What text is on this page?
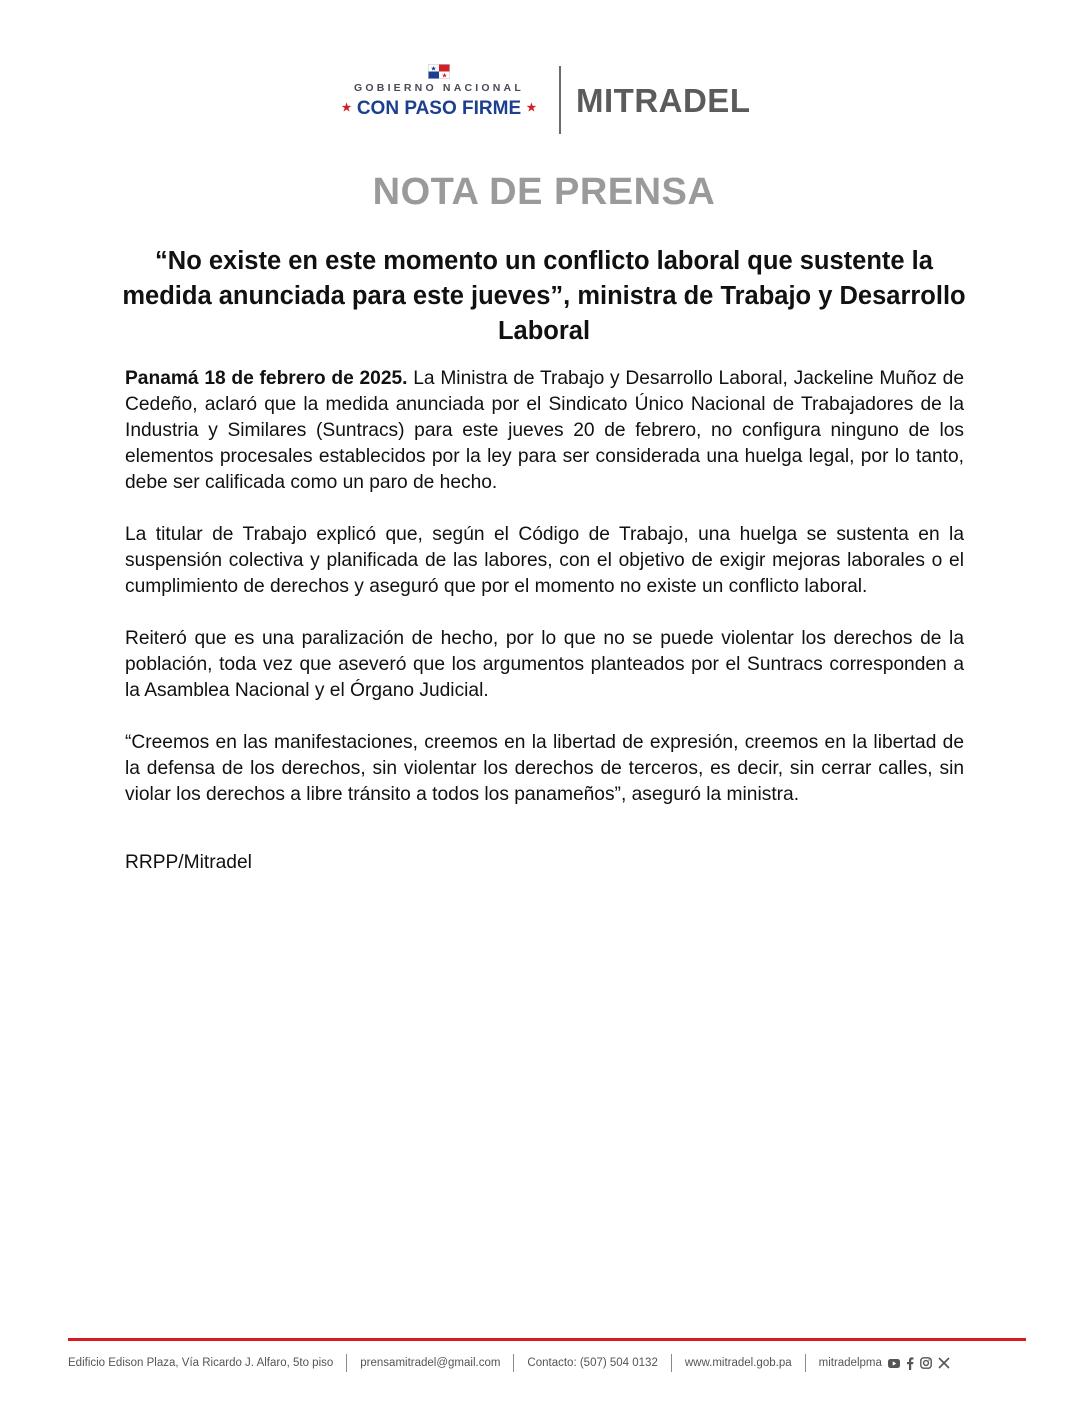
GOBIERNO NACIONAL
★ CON PASO FIRME ★	MITRADEL
NOTA DE PRENSA
“No existe en este momento un conflicto laboral que sustente la medida anunciada para este jueves”, ministra de Trabajo y Desarrollo Laboral

Panamá 18 de febrero de 2025. La Ministra de Trabajo y Desarrollo Laboral, Jackeline Muñoz de Cedeño, aclaró que la medida anunciada por el Sindicato Único Nacional de Trabajadores de la Industria y Similares (Suntracs) para este jueves 20 de febrero, no configura ninguno de los elementos procesales establecidos por la ley para ser considerada una huelga legal, por lo tanto, debe ser calificada como un paro de hecho.

La titular de Trabajo explicó que, según el Código de Trabajo, una huelga se sustenta en la suspensión colectiva y planificada de las labores, con el objetivo de exigir mejoras laborales o el cumplimiento de derechos y aseguró que por el momento no existe un conflicto laboral.

Reiteró que es una paralización de hecho, por lo que no se puede violentar los derechos de la población, toda vez que aseveró que los argumentos planteados por el Suntracs corresponden a la Asamblea Nacional y el Órgano Judicial.

“Creemos en las manifestaciones, creemos en la libertad de expresión, creemos en la libertad de la defensa de los derechos, sin violentar los derechos de terceros, es decir, sin cerrar calles, sin violar los derechos a libre tránsito a todos los panameños”, aseguró la ministra.

RRPP/Mitradel

Edificio Edison Plaza, Vía Ricardo J. Alfaro, 5to piso prensamitradel@gmail.com Contacto: (507) 504 0132 www.mitradel.gob.pa mitradelpma
